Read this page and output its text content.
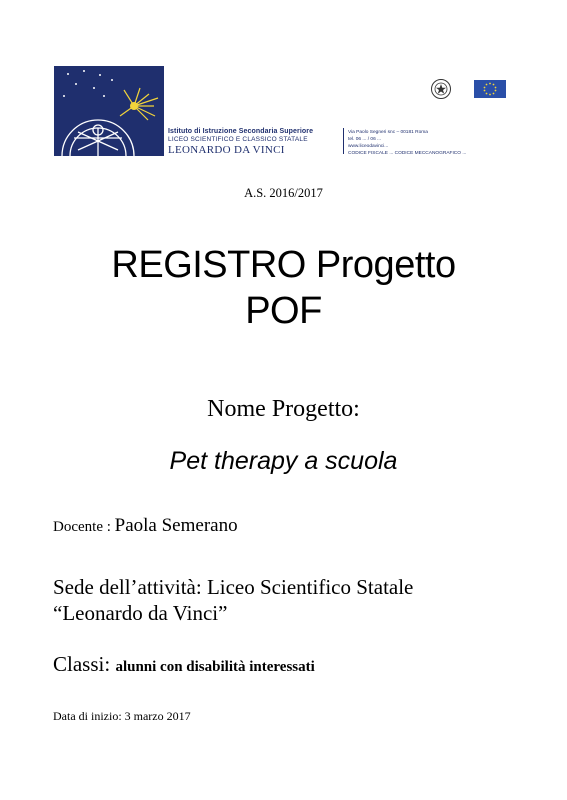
Istituto di Istruzione Secondaria Superiore
LICEO SCIENTIFICO E CLASSICO STATALE
LEONARDO DA VINCI
Via Paolo Segneri snc – 00181 Roma
tel. 06 ... / 06 ...
www.liceodavinci...
CODICE FISCALE ... CODICE MECCANOGRAFICO ...
A.S. 2016/2017
REGISTRO Progetto
POF
Nome Progetto:
Pet therapy a scuola
Docente : Paola Semerano
Sede dell’attività: Liceo Scientifico Statale
“Leonardo da Vinci”
Classi: alunni con disabilità interessati
Data di inizio: 3 marzo 2017
